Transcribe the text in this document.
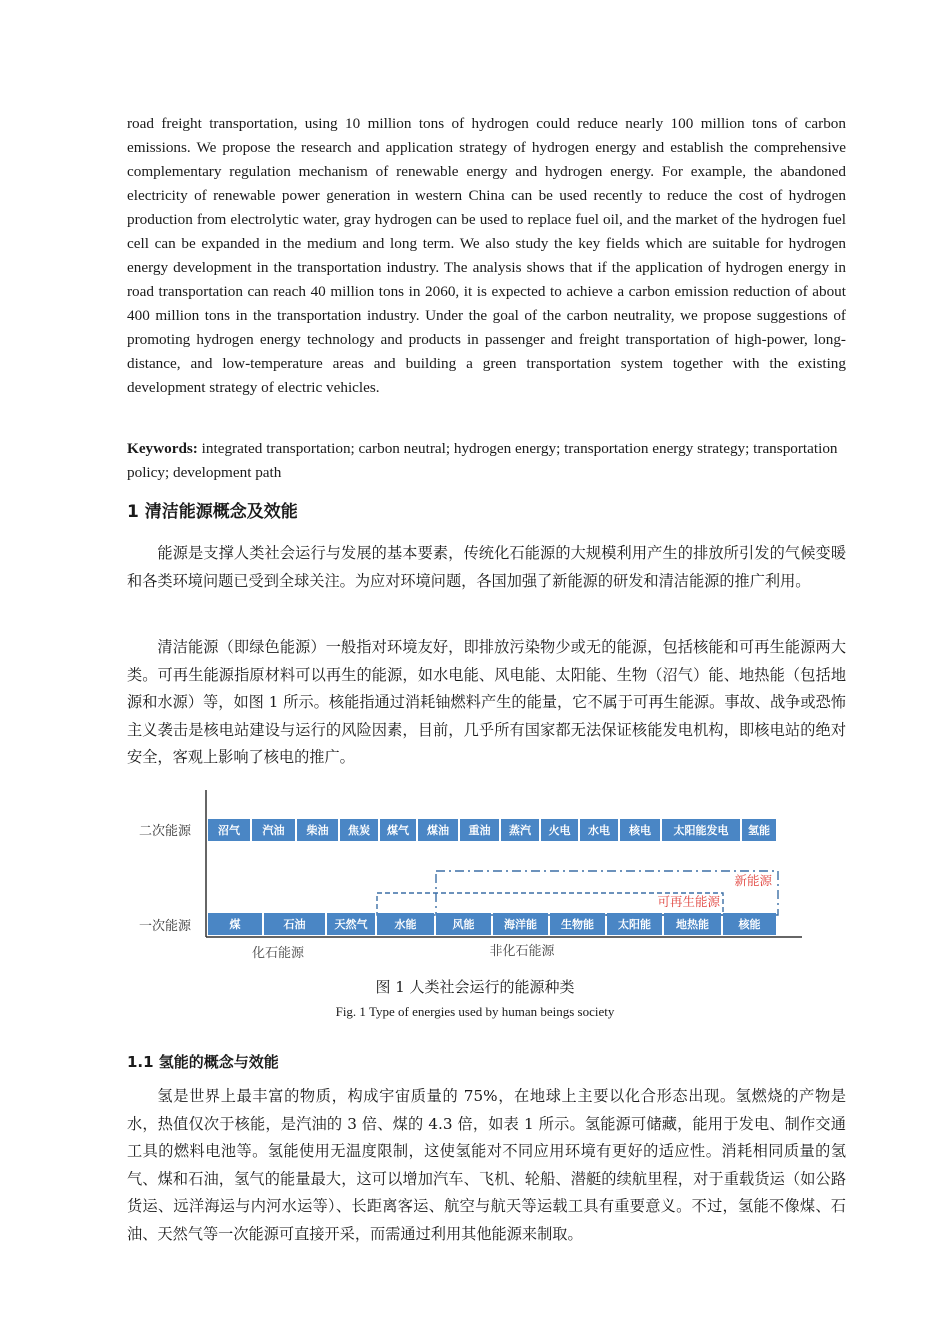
road freight transportation, using 10 million tons of hydrogen could reduce nearly 100 million tons of carbon emissions. We propose the research and application strategy of hydrogen energy and establish the comprehensive complementary regulation mechanism of renewable energy and hydrogen energy. For example, the abandoned electricity of renewable power generation in western China can be used recently to reduce the cost of hydrogen production from electrolytic water, gray hydrogen can be used to replace fuel oil, and the market of the hydrogen fuel cell can be expanded in the medium and long term. We also study the key fields which are suitable for hydrogen energy development in the transportation industry. The analysis shows that if the application of hydrogen energy in road transportation can reach 40 million tons in 2060, it is expected to achieve a carbon emission reduction of about 400 million tons in the transportation industry. Under the goal of the carbon neutrality, we propose suggestions of promoting hydrogen energy technology and products in passenger and freight transportation of high-power, long-distance, and low-temperature areas and building a green transportation system together with the existing development strategy of electric vehicles.

Keywords: integrated transportation; carbon neutral; hydrogen energy; transportation energy strategy; transportation policy; development path

1 清洁能源概念及效能

能源是支撑人类社会运行与发展的基本要素，传统化石能源的大规模利用产生的排放所引发的气候变暖和各类环境问题已受到全球关注。为应对环境问题，各国加强了新能源的研发和清洁能源的推广利用。

清洁能源（即绿色能源）一般指对环境友好，即排放污染物少或无的能源，包括核能和可再生能源两大类。可再生能源指原材料可以再生的能源，如水电能、风电能、太阳能、生物（沼气）能、地热能（包括地源和水源）等，如图 1 所示。核能指通过消耗铀燃料产生的能量，它不属于可再生能源。事故、战争或恐怖主义袭击是核电站建设与运行的风险因素，目前，几乎所有国家都无法保证核能发电机构，即核电站的绝对安全，客观上影响了核电的推广。

二次能源
一次能源
沼气 汽油 柴油 焦炭 煤气 煤油 重油 蒸汽 火电 水电 核电 太阳能发电 氢能
新能源
可再生能源
煤	石油	天然气 水能	风能	海洋能 生物能 太阳能 地热能	核能
化石能源	非化石能源

图 1 人类社会运行的能源种类

Fig. 1 Type of energies used by human beings society

1.1 氢能的概念与效能

氢是世界上最丰富的物质，构成宇宙质量的 75%，在地球上主要以化合形态出现。氢燃烧的产物是水，热值仅次于核能，是汽油的 3 倍、煤的 4.3 倍，如表 1 所示。氢能源可储藏，能用于发电、制作交通工具的燃料电池等。氢能使用无温度限制，这使氢能对不同应用环境有更好的适应性。消耗相同质量的氢气、煤和石油，氢气的能量最大，这可以增加汽车、飞机、轮船、潜艇的续航里程，对于重载货运（如公路货运、远洋海运与内河水运等）、长距离客运、航空与航天等运载工具有重要意义。不过，氢能不像煤、石油、天然气等一次能源可直接开采，而需通过利用其他能源来制取。
